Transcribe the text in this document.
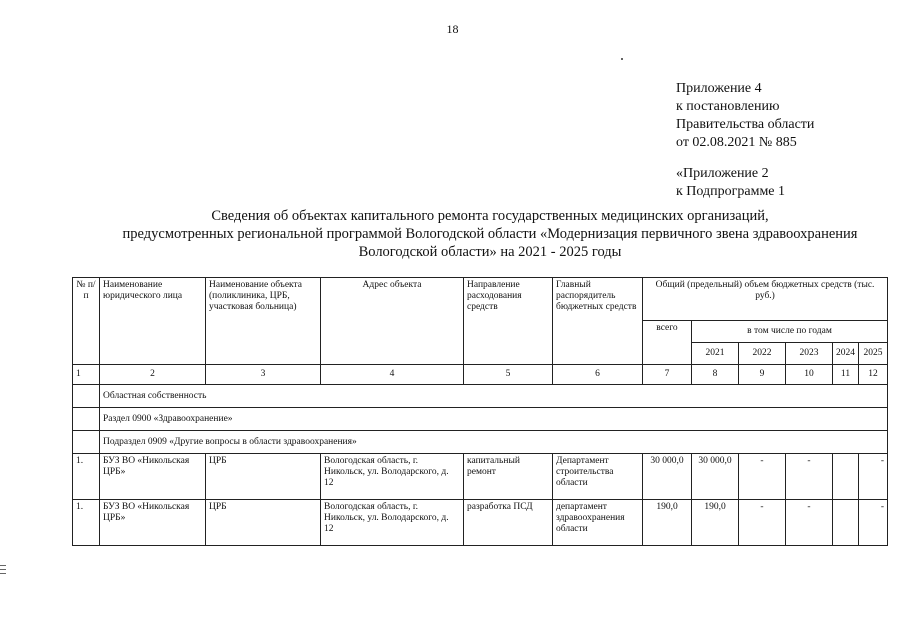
18
Приложение 4
к постановлению
Правительства области
от 02.08.2021 № 885
«Приложение 2
к Подпрограмме 1
Сведения об объектах капитального ремонта государственных медицинских организаций,
предусмотренных региональной программой Вологодской области «Модернизация первичного звена здравоохранения
Вологодской области» на 2021 - 2025 годы
№ п/п	Наименование юридического лица	Наименование объекта (поликлиника, ЦРБ, участковая больница)	Адрес объекта	Направление расходования средств	Главный распорядитель бюджетных средств	Общий (предельный) объем бюджетных средств (тыс. руб.)					
						всего	в том числе по годам				
							2021	2022	2023	2024	2025
1	2	3	4	5	6	7	8	9	10	11	12
	Областная собственность										
	Раздел 0900 «Здравоохранение»										
	Подраздел 0909 «Другие вопросы в области здравоохранения»										
1.	БУЗ ВО «Никольская ЦРБ»	ЦРБ	Вологодская область, г. Никольск, ул. Володарского, д. 12	капитальный ремонт	Департамент строительства области	30 000,0	30 000,0	-	-		-
1.	БУЗ ВО «Никольская ЦРБ»	ЦРБ	Вологодская область, г. Никольск, ул. Володарского, д. 12	разработка ПСД	департамент здравоохранения области	190,0	190,0	-	-		-
